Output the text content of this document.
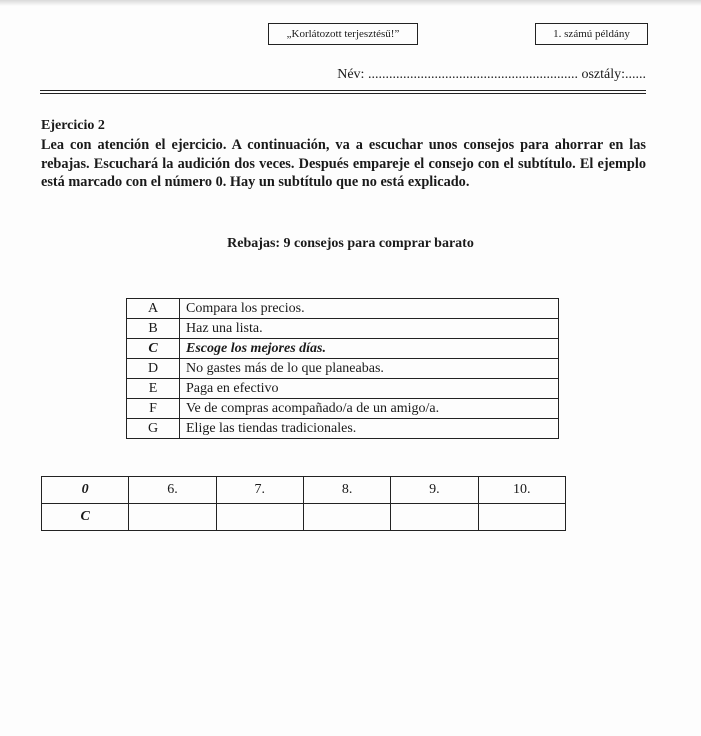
„Korlátozott terjesztésű!”	1. számú példány
Név: ............................................................ osztály:......
Ejercicio 2
Lea con atención el ejercicio. A continuación, va a escuchar unos consejos para ahorrar en las rebajas. Escuchará la audición dos veces. Después empareje el consejo con el subtítulo. El ejemplo está marcado con el número 0. Hay un subtítulo que no está explicado.
Rebajas: 9 consejos para comprar barato
A	Compara los precios.
B	Haz una lista.
C	Escoge los mejores días.
D	No gastes más de lo que planeabas.
E	Paga en efectivo
F	Ve de compras acompañado/a de un amigo/a.
G	Elige las tiendas tradicionales.
0	6.	7.	8.	9.	10.
C					
